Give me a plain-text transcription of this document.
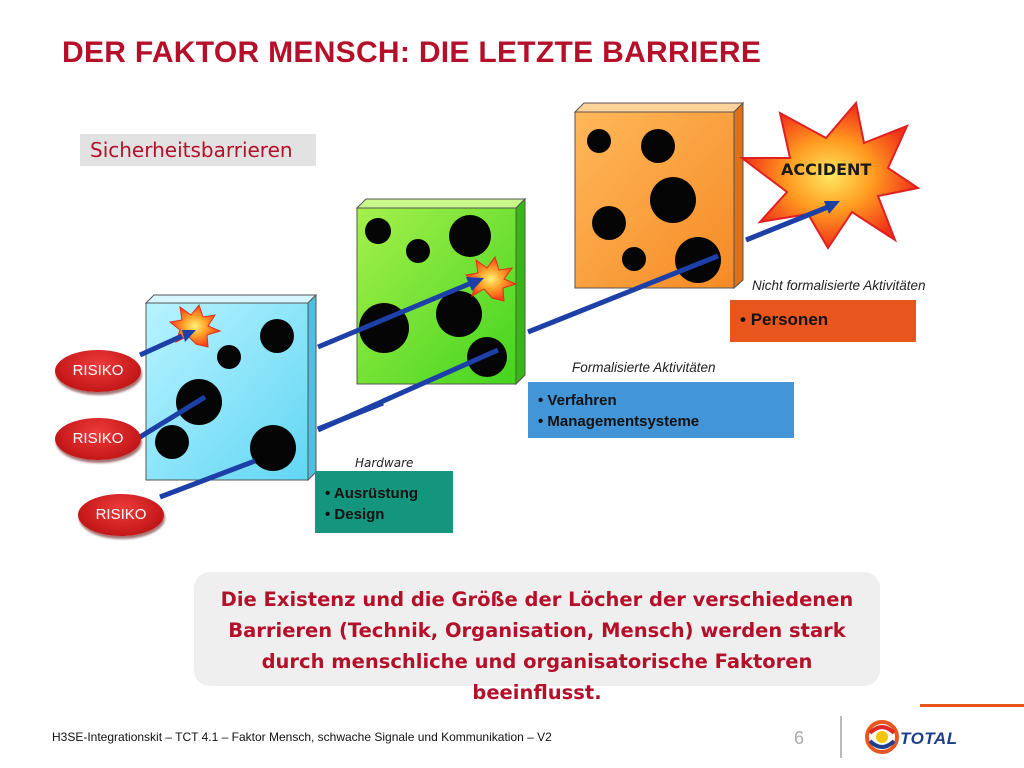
DER FAKTOR MENSCH: DIE LETZTE BARRIERE
Sicherheitsbarrieren
RISIKO
RISIKO
RISIKO
ACCIDENT
Hardware
Formalisierte Aktivitäten
Nicht formalisierte Aktivitäten
• Personen
• Verfahren
• Managementsysteme
• Ausrüstung
• Design
Die Existenz und die Größe der Löcher der verschiedenen
Barrieren (Technik, Organisation, Mensch) werden stark
durch menschliche und organisatorische Faktoren beeinflusst.
H3SE-Integrationskit – TCT 4.1 – Faktor Mensch, schwache Signale und Kommunikation – V2	6	TOTAL
